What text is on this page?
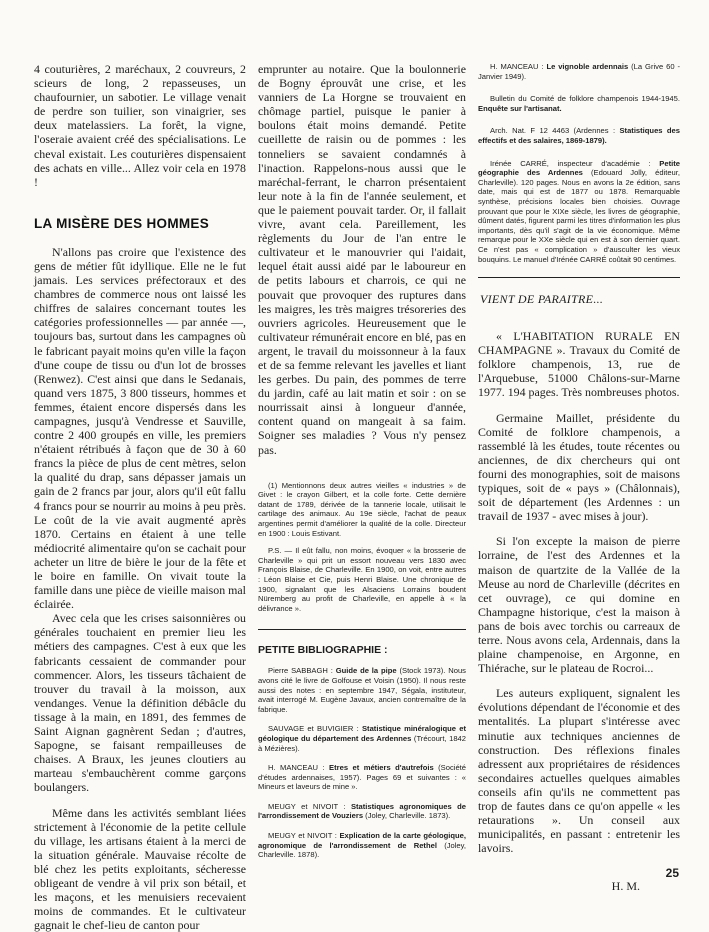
4 couturières, 2 maréchaux, 2 couvreurs, 2 scieurs de long, 2 repasseuses, un chaufournier, un sabotier. Le village venait de perdre son tuilier, son vinaigrier, ses deux matelassiers. La forêt, la vigne, l'oseraie avaient créé des spécialisations. Le cheval existait. Les couturières dispensaient des achats en ville... Allez voir cela en 1978 !

LA MISÈRE DES HOMMES

N'allons pas croire que l'existence des gens de métier fût idyllique. Elle ne le fut jamais. Les services préfectoraux et des chambres de commerce nous ont laissé les chiffres de salaires concernant toutes les catégories professionnelles — par année —, toujours bas, surtout dans les campagnes où le fabricant payait moins qu'en ville la façon d'une coupe de tissu ou d'un lot de brosses (Renwez). C'est ainsi que dans le Sedanais, quand vers 1875, 3 800 tisseurs, hommes et femmes, étaient encore dispersés dans les campagnes, jusqu'à Vendresse et Sauville, contre 2 400 groupés en ville, les premiers n'étaient rétribués à façon que de 30 à 60 francs la pièce de plus de cent mètres, selon la qualité du drap, sans dépasser jamais un gain de 2 francs par jour, alors qu'il eût fallu 4 francs pour se nourrir au moins à peu près. Le coût de la vie avait augmenté après 1870. Certains en étaient à une telle médiocrité alimentaire qu'on se cachait pour acheter un litre de bière le jour de la fête et le boire en famille. On vivait toute la famille dans une pièce de vieille maison mal éclairée.

Avec cela que les crises saisonnières ou générales touchaient en premier lieu les métiers des campagnes. C'est à eux que les fabricants cessaient de commander pour commencer. Alors, les tisseurs tâchaient de trouver du travail à la moisson, aux vendanges. Venue la définition débâcle du tissage à la main, en 1891, des femmes de Saint Aignan gagnèrent Sedan ; d'autres, Sapogne, se faisant rempailleuses de chaises. A Braux, les jeunes cloutiers au marteau s'embauchèrent comme garçons boulangers.

Même dans les activités semblant liées strictement à l'économie de la petite cellule du village, les artisans étaient à la merci de la situation générale. Mauvaise récolte de blé chez les petits exploitants, sécheresse obligeant de vendre à vil prix son bétail, et les maçons, et les menuisiers recevaient moins de commandes. Et le cultivateur gagnait le chef-lieu de canton pour

emprunter au notaire. Que la boulonnerie de Bogny éprouvât une crise, et les vanniers de La Horgne se trouvaient en chômage partiel, puisque le panier à boulons était moins demandé. Petite cueillette de raisin ou de pommes : les tonneliers se savaient condamnés à l'inaction. Rappelons-nous aussi que le maréchal-ferrant, le charron présentaient leur note à la fin de l'année seulement, et que le paiement pouvait tarder. Or, il fallait vivre, avant cela. Pareillement, les règlements du Jour de l'an entre le cultivateur et le manouvrier qui l'aidait, lequel était aussi aidé par le laboureur en de petits labours et charrois, ce qui ne pouvait que provoquer des ruptures dans les maigres, les très maigres trésoreries des ouvriers agricoles. Heureusement que le cultivateur rémunérait encore en blé, pas en argent, le travail du moissonneur à la faux et de sa femme relevant les javelles et liant les gerbes. Du pain, des pommes de terre du jardin, café au lait matin et soir : on se nourrissait ainsi à longueur d'année, content quand on mangeait à sa faim. Soigner ses maladies ? Vous n'y pensez pas.

(1) Mentionnons deux autres vieilles « industries » de Givet : le crayon Gilbert, et la colle forte. Cette dernière datant de 1789, dérivée de la tannerie locale, utilisait le cartilage des animaux. Au 19e siècle, l'achat de peaux argentines permit d'améliorer la qualité de la colle. Directeur en 1900 : Louis Estivant.

P.S. — Il eût fallu, non moins, évoquer « la brosserie de Charleville » qui prit un essort nouveau vers 1830 avec François Blaise, de Charleville. En 1900, on voit, entre autres : Léon Blaise et Cie, puis Henri Blaise. Une chronique de 1900, signalant que les Alsaciens Lorrains boudent Nüremberg au profit de Charleville, en appelle à « la délivrance ».

PETITE BIBLIOGRAPHIE :

Pierre SABBAGH : Guide de la pipe (Stock 1973). Nous avons cité le livre de Golfouse et Voisin (1950). Il nous reste aussi des notes : en septembre 1947, Ségala, instituteur, avait interrogé M. Eugène Javaux, ancien contremaître de la fabrique.

SAUVAGE et BUVIGIER : Statistique minéralogique et géologique du département des Ardennes (Trécourt, 1842 à Mézières).

H. MANCEAU : Etres et métiers d'autrefois (Société d'études ardennaises, 1957). Pages 69 et suivantes : « Mineurs et laveurs de mine ».

MEUGY et NIVOIT : Statistiques agronomiques de l'arrondissement de Vouziers (Joley, Charleville. 1873).

MEUGY et NIVOIT : Explication de la carte géologique, agronomique de l'arrondissement de Rethel (Joley, Charleville. 1878).

H. MANCEAU : Le vignoble ardennais (La Grive 60 - Janvier 1949).

Bulletin du Comité de folklore champenois 1944-1945. Enquête sur l'artisanat.

Arch. Nat. F 12 4463 (Ardennes : Statistiques des effectifs et des salaires, 1869-1879).

Irénée CARRÉ, inspecteur d'académie : Petite géographie des Ardennes (Edouard Jolly, éditeur, Charleville). 120 pages. Nous en avons la 2e édition, sans date, mais qui est de 1877 ou 1878. Remarquable synthèse, précisions locales bien choisies. Ouvrage prouvant que pour le XIXe siècle, les livres de géographie, dûment datés, figurent parmi les titres d'information les plus importants, dès qu'il s'agit de la vie économique. Même remarque pour le XXe siècle qui en est à son dernier quart. Ce n'est pas « complication » d'ausculter les vieux bouquins. Le manuel d'Irénée CARRÉ coûtait 90 centimes.

VIENT DE PARAITRE...

« L'HABITATION RURALE EN CHAMPAGNE ». Travaux du Comité de folklore champenois, 13, rue de l'Arquebuse, 51000 Châlons-sur-Marne 1977. 194 pages. Très nombreuses photos.

Germaine Maillet, présidente du Comité de folklore champenois, a rassemblé là les études, toute récentes ou anciennes, de dix chercheurs qui ont fourni des monographies, soit de maisons typiques, soit de « pays » (Châlonnais), soit de département (les Ardennes : un travail de 1937 - avec mises à jour).

Si l'on excepte la maison de pierre lorraine, de l'est des Ardennes et la maison de quartzite de la Vallée de la Meuse au nord de Charleville (décrites en cet ouvrage), ce qui domine en Champagne historique, c'est la maison à pans de bois avec torchis ou carreaux de terre. Nous avons cela, Ardennais, dans la plaine champenoise, en Argonne, en Thiérache, sur le plateau de Rocroi...

Les auteurs expliquent, signalent les évolutions dépendant de l'économie et des mentalités. La plupart s'intéresse avec minutie aux techniques anciennes de construction. Des réflexions finales adressent aux propriétaires de résidences secondaires actuelles quelques aimables conseils afin qu'ils ne commettent pas trop de fautes dans ce qu'on appelle « les retaurations ». Un conseil aux municipalités, en passant : entretenir les lavoirs.

H. M.
25
